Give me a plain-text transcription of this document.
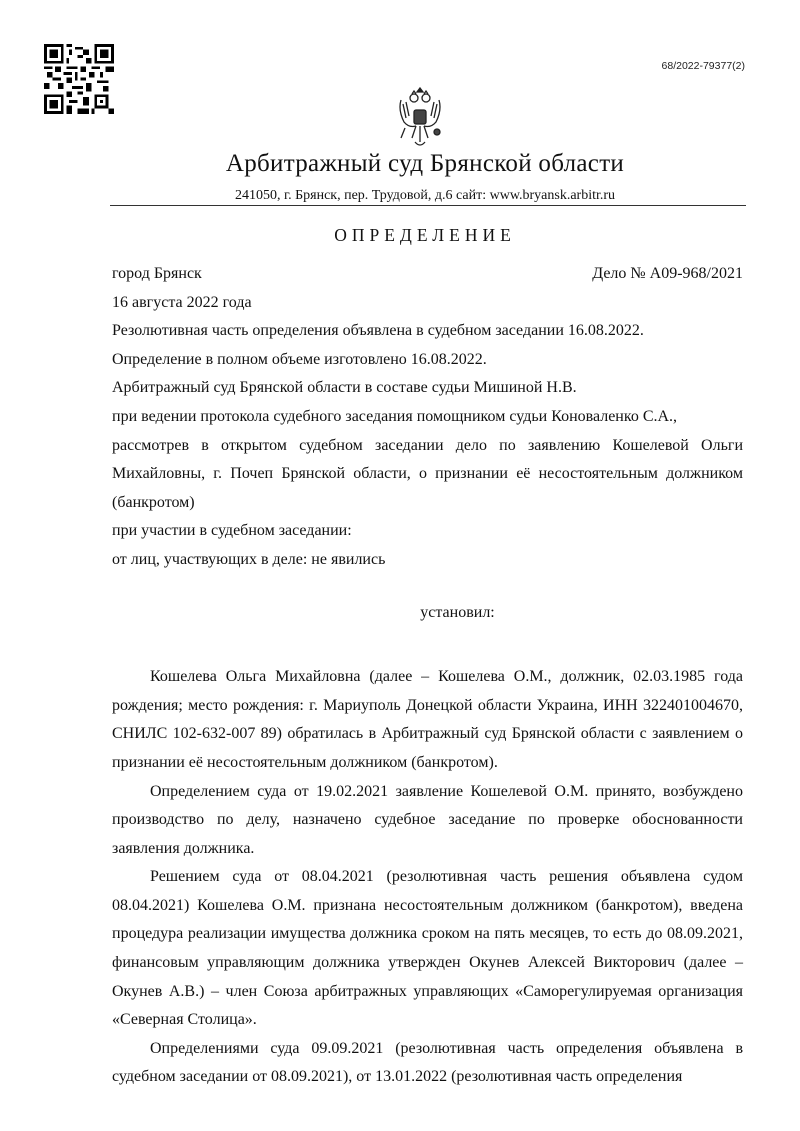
68/2022-79377(2)
Арбитражный суд Брянской области
241050, г. Брянск, пер. Трудовой, д.6 сайт: www.bryansk.arbitr.ru
ОПРЕДЕЛЕНИЕ
город Брянск	Дело № А09-968/2021
16 августа 2022 года
Резолютивная часть определения объявлена в судебном заседании 16.08.2022.
Определение в полном объеме изготовлено 16.08.2022.
Арбитражный суд Брянской области в составе судьи Мишиной Н.В.
при ведении протокола судебного заседания помощником судьи Коноваленко С.А.,
рассмотрев в открытом судебном заседании дело по заявлению Кошелевой Ольги Михайловны, г. Почеп Брянской области, о признании её несостоятельным должником (банкротом)
при участии в судебном заседании:
от лиц, участвующих в деле: не явились
установил:

Кошелева Ольга Михайловна (далее – Кошелева О.М., должник, 02.03.1985 года рождения; место рождения: г. Мариуполь Донецкой области Украина, ИНН 322401004670, СНИЛС 102-632-007 89) обратилась в Арбитражный суд Брянской области с заявлением о признании её несостоятельным должником (банкротом).

Определением суда от 19.02.2021 заявление Кошелевой О.М. принято, возбуждено производство по делу, назначено судебное заседание по проверке обоснованности заявления должника.

Решением суда от 08.04.2021 (резолютивная часть решения объявлена судом 08.04.2021) Кошелева О.М. признана несостоятельным должником (банкротом), введена процедура реализации имущества должника сроком на пять месяцев, то есть до 08.09.2021, финансовым управляющим должника утвержден Окунев Алексей Викторович (далее – Окунев А.В.) – член Союза арбитражных управляющих «Саморегулируемая организация «Северная Столица».

Определениями суда 09.09.2021 (резолютивная часть определения объявлена в судебном заседании от 08.09.2021), от 13.01.2022 (резолютивная часть определения
